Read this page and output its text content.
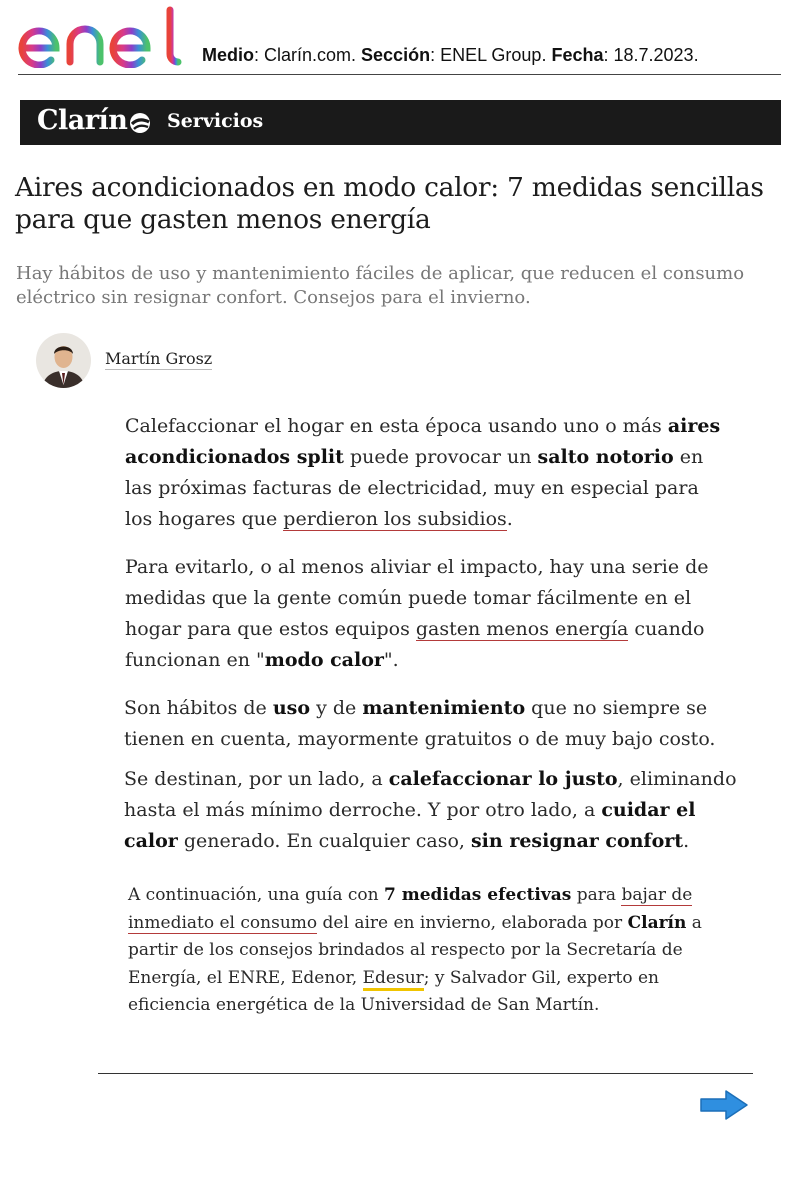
Medio: Clarín.com. Sección: ENEL Group. Fecha: 18.7.2023.
Clarín Servicios
Aires acondicionados en modo calor: 7 medidas sencillas para que gasten menos energía

Hay hábitos de uso y mantenimiento fáciles de aplicar, que reducen el consumo eléctrico sin resignar confort. Consejos para el invierno.

Martín Grosz

Calefaccionar el hogar en esta época usando uno o más aires acondicionados split puede provocar un salto notorio en las próximas facturas de electricidad, muy en especial para los hogares que perdieron los subsidios.

Para evitarlo, o al menos aliviar el impacto, hay una serie de medidas que la gente común puede tomar fácilmente en el hogar para que estos equipos gasten menos energía cuando funcionan en "modo calor".

Son hábitos de uso y de mantenimiento que no siempre se tienen en cuenta, mayormente gratuitos o de muy bajo costo.

Se destinan, por un lado, a calefaccionar lo justo, eliminando hasta el más mínimo derroche. Y por otro lado, a cuidar el calor generado. En cualquier caso, sin resignar confort.

A continuación, una guía con 7 medidas efectivas para bajar de inmediato el consumo del aire en invierno, elaborada por Clarín a partir de los consejos brindados al respecto por la Secretaría de Energía, el ENRE, Edenor, Edesur; y Salvador Gil, experto en eficiencia energética de la Universidad de San Martín.
